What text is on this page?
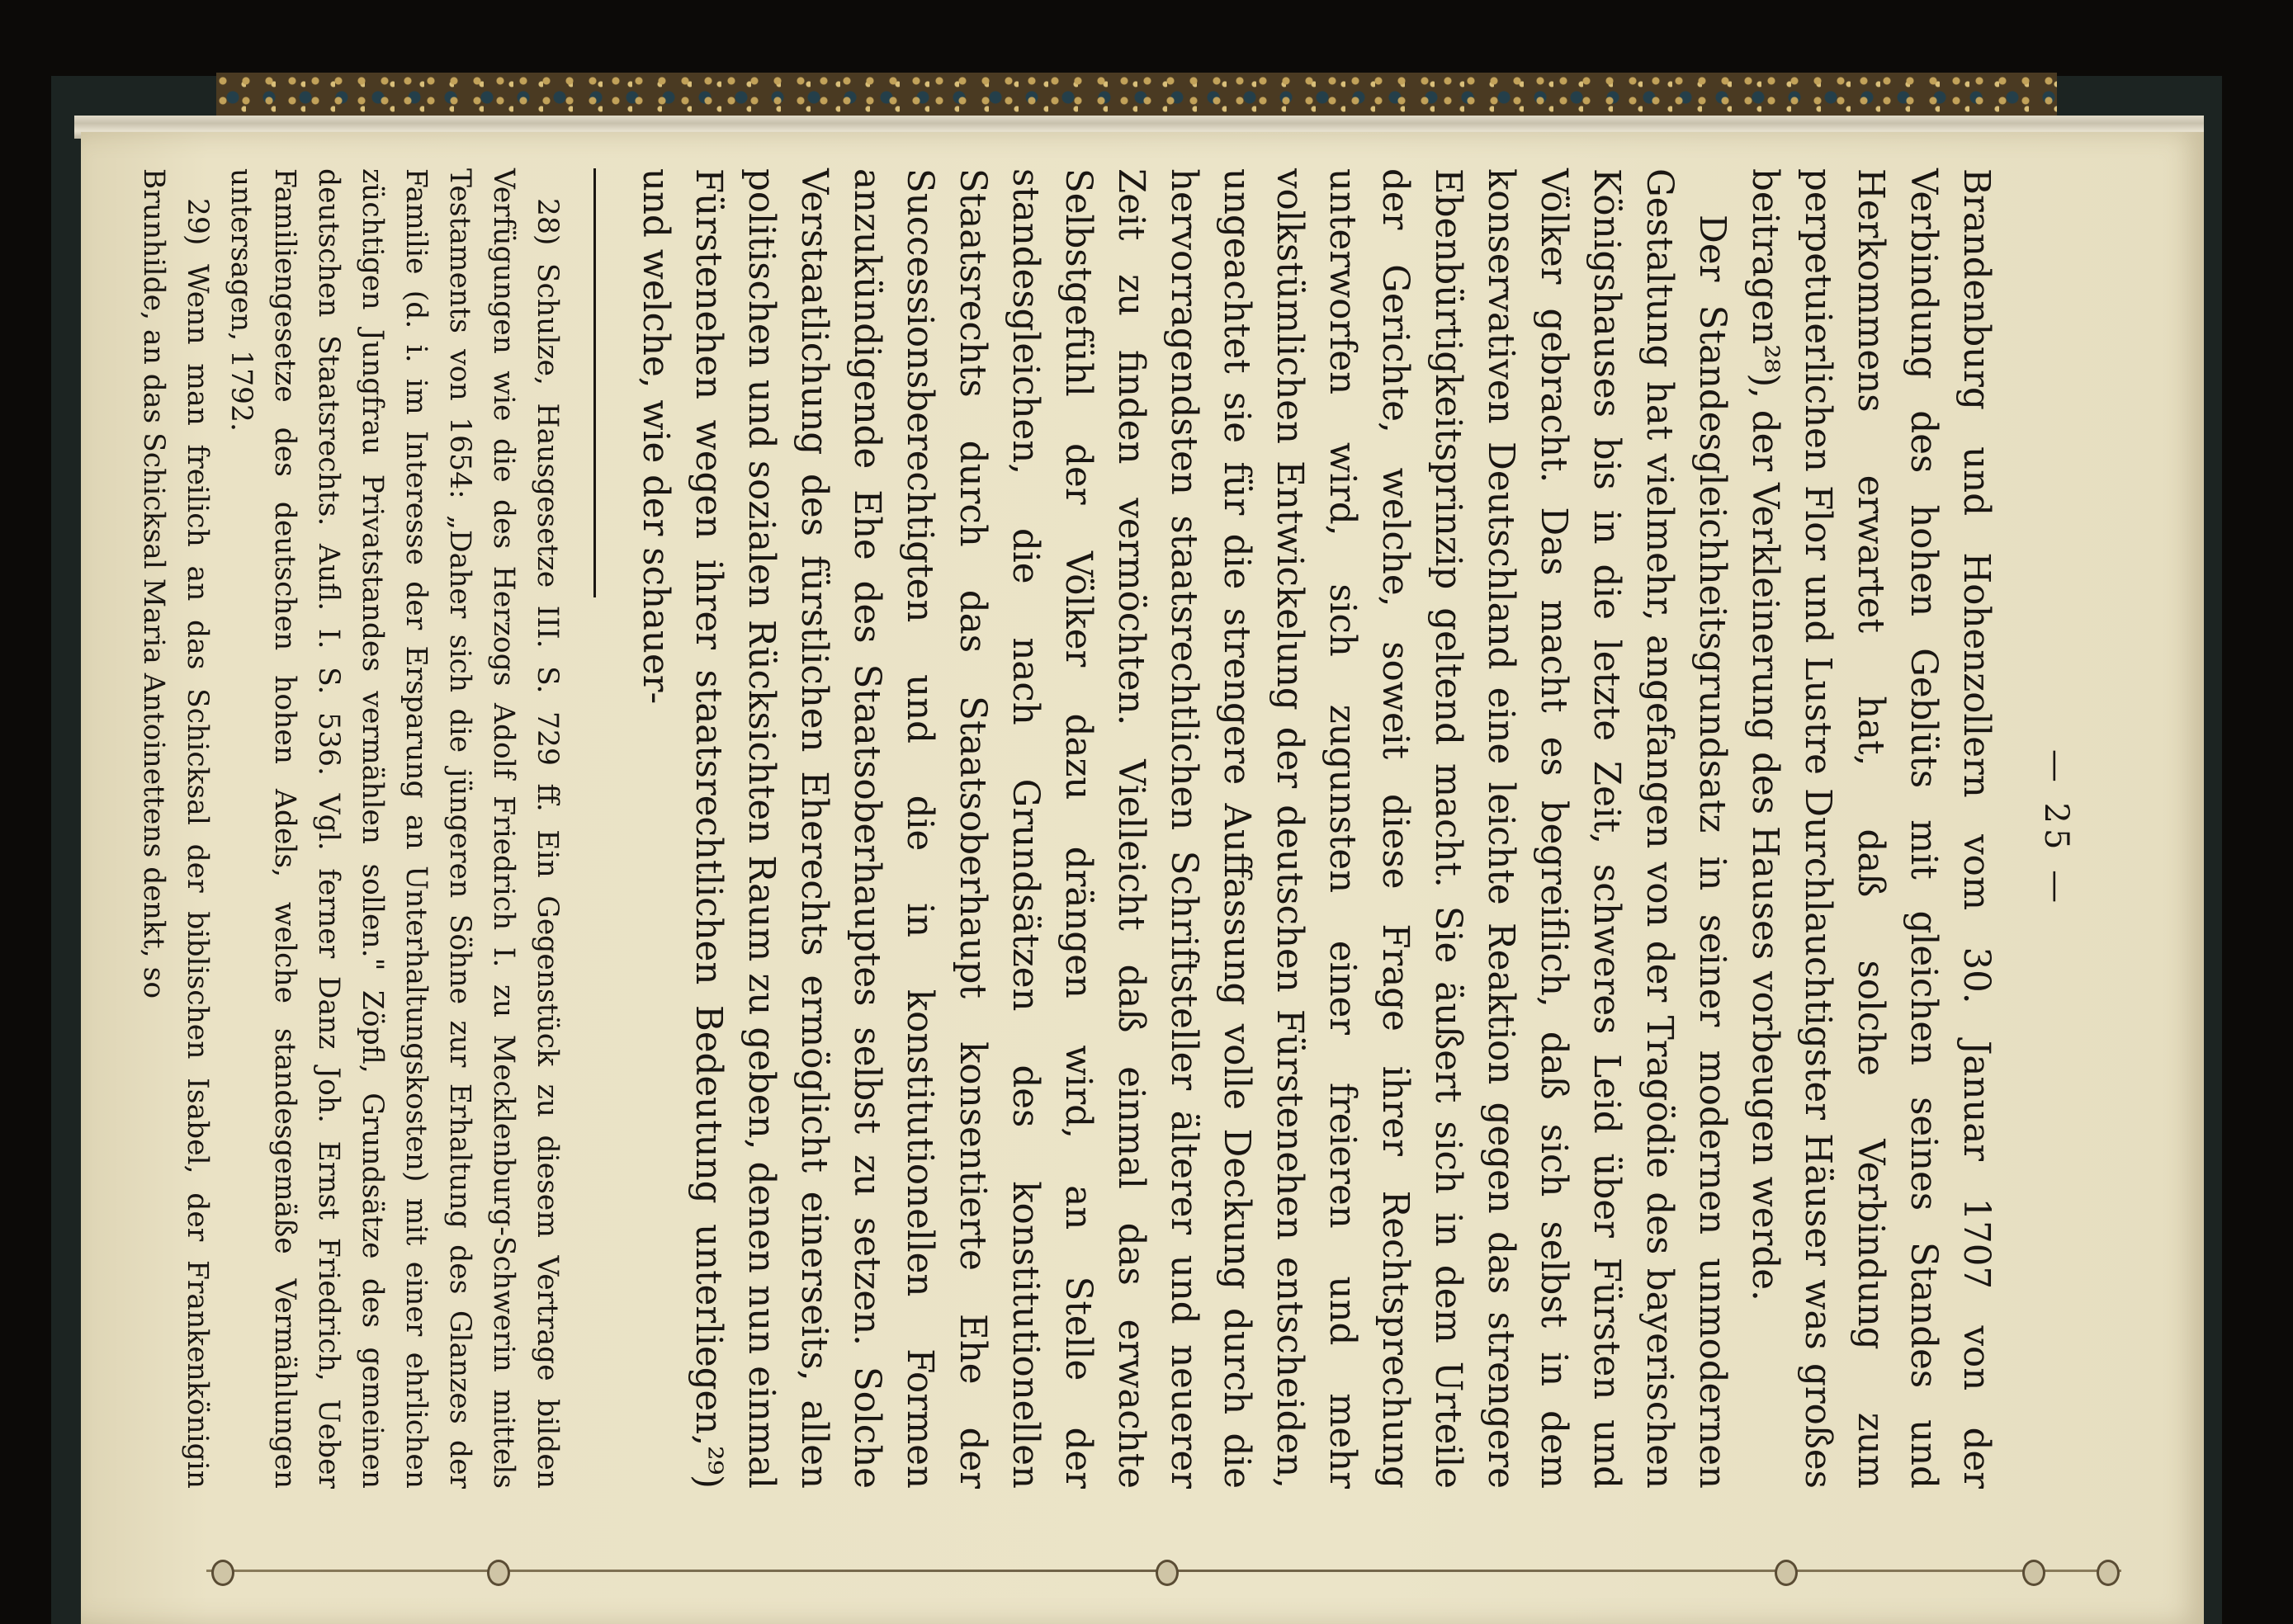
— 25 —

Brandenburg und Hohenzollern vom 30. Januar 1707 von der Verbindung des hohen Geblüts mit gleichen seines Standes und Herkommens erwartet hat, daß solche Verbindung zum perpetuierlichen Flor und Lustre Durchlauchtigster Häuser was großes beitragen²⁸), der Verkleinerung des Hauses vorbeugen werde.

Der Standesgleichheitsgrundsatz in seiner modernen unmodernen Gestaltung hat vielmehr, angefangen von der Tragödie des bayerischen Königshauses bis in die letzte Zeit, schweres Leid über Fürsten und Völker gebracht. Das macht es begreiflich, daß sich selbst in dem konservativen Deutschland eine leichte Reaktion gegen das strengere Ebenbürtigkeitsprinzip geltend macht. Sie äußert sich in dem Urteile der Gerichte, welche, soweit diese Frage ihrer Rechtsprechung unterworfen wird, sich zugunsten einer freieren und mehr volkstümlichen Entwickelung der deutschen Fürstenehen entscheiden, ungeachtet sie für die strengere Auffassung volle Deckung durch die hervorragendsten staatsrechtlichen Schriftsteller älterer und neuerer Zeit zu finden vermöchten. Vielleicht daß einmal das erwachte Selbstgefühl der Völker dazu drängen wird, an Stelle der standesgleichen, die nach Grundsätzen des konstitutionellen Staatsrechts durch das Staatsoberhaupt konsentierte Ehe der Successionsberechtigten und die in konstitutionellen Formen anzukündigende Ehe des Staatsoberhauptes selbst zu setzen. Solche Verstaatlichung des fürstlichen Eherechts ermöglicht einerseits, allen politischen und sozialen Rücksichten Raum zu geben, denen nun einmal Fürstenehen wegen ihrer staatsrechtlichen Bedeutung unterliegen,²⁹) und welche, wie der schauer-

28) Schulze, Hausgesetze III. S. 729 ff. Ein Gegenstück zu diesem Vertrage bilden Verfügungen wie die des Herzogs Adolf Friedrich I. zu Mecklenburg-Schwerin mittels Testaments von 1654: „Daher sich die jüngeren Söhne zur Erhaltung des Glanzes der Familie (d. i. im Interesse der Ersparung an Unterhaltungskosten) mit einer ehrlichen züchtigen Jungfrau Privatstandes vermählen sollen." Zöpfl, Grundsätze des gemeinen deutschen Staatsrechts. Aufl. I. S. 536. Vgl. ferner Danz Joh. Ernst Friedrich, Ueber Familiengesetze des deutschen hohen Adels, welche standesgemäße Vermählungen untersagen, 1792.

29) Wenn man freilich an das Schicksal der biblischen Isabel, der Frankenkönigin Brunhilde, an das Schicksal Maria Antoinettens denkt, so
